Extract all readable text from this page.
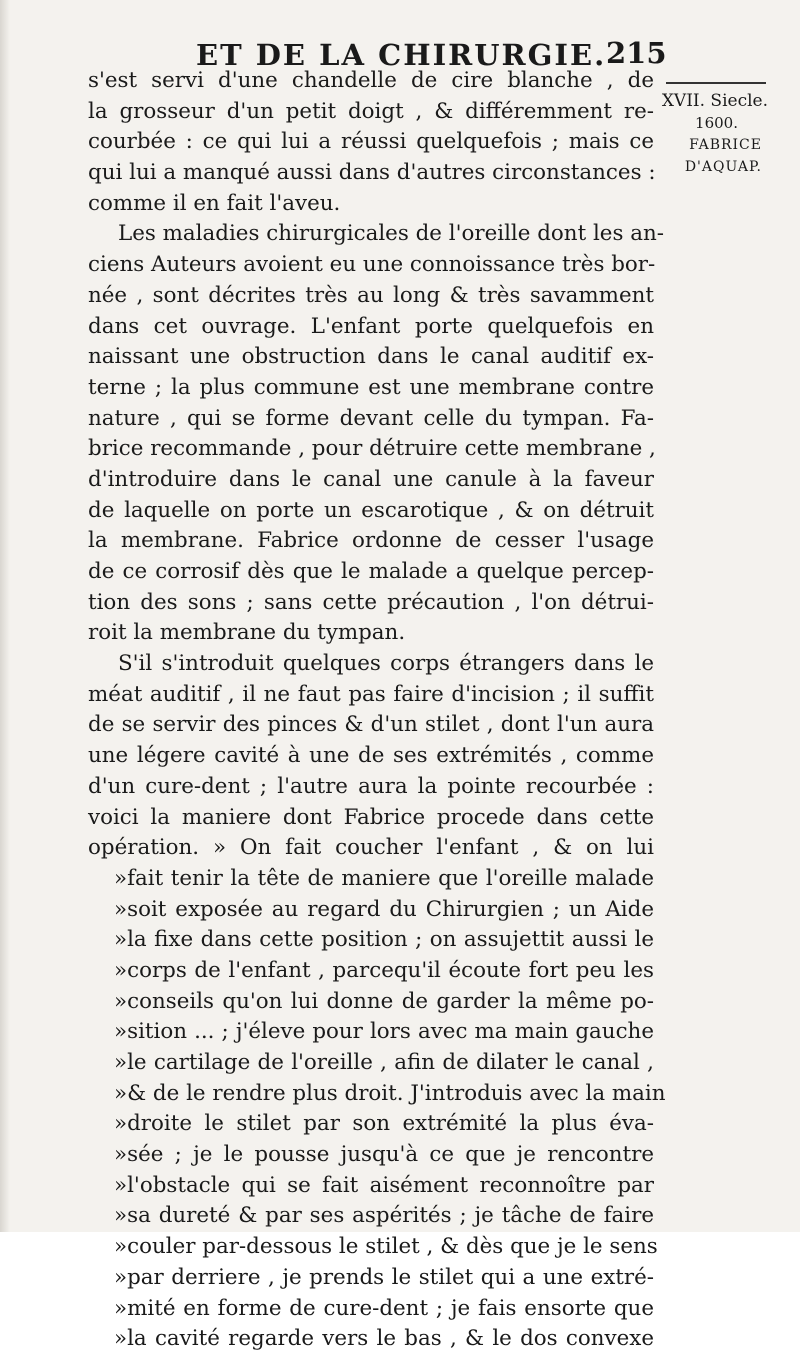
ET DE LA CHIRURGIE. 215
XVII. Siecle.
1600.
FABRICE
D'AQUAP.
s'est servi d'une chandelle de cire blanche , de
la grosseur d'un petit doigt , & différemment re-
courbée : ce qui lui a réussi quelquefois ; mais ce
qui lui a manqué aussi dans d'autres circonstances :
comme il en fait l'aveu.
Les maladies chirurgicales de l'oreille dont les an-
ciens Auteurs avoient eu une connoissance très bor-
née , sont décrites très au long & très savamment
dans cet ouvrage. L'enfant porte quelquefois en
naissant une obstruction dans le canal auditif ex-
terne ; la plus commune est une membrane contre
nature , qui se forme devant celle du tympan. Fa-
brice recommande , pour détruire cette membrane ,
d'introduire dans le canal une canule à la faveur
de laquelle on porte un escarotique , & on détruit
la membrane. Fabrice ordonne de cesser l'usage
de ce corrosif dès que le malade a quelque percep-
tion des sons ; sans cette précaution , l'on détrui-
roit la membrane du tympan.
S'il s'introduit quelques corps étrangers dans le
méat auditif , il ne faut pas faire d'incision ; il suffit
de se servir des pinces & d'un stilet , dont l'un aura
une légere cavité à une de ses extrémités , comme
d'un cure-dent ; l'autre aura la pointe recourbée :
voici la maniere dont Fabrice procede dans cette
opération. » On fait coucher l'enfant , & on lui
»fait tenir la tête de maniere que l'oreille malade
»soit exposée au regard du Chirurgien ; un Aide
»la fixe dans cette position ; on assujettit aussi le
»corps de l'enfant , parcequ'il écoute fort peu les
»conseils qu'on lui donne de garder la même po-
»sition ... ; j'éleve pour lors avec ma main gauche
»le cartilage de l'oreille , afin de dilater le canal ,
»& de le rendre plus droit. J'introduis avec la main
»droite le stilet par son extrémité la plus éva-
»sée ; je le pousse jusqu'à ce que je rencontre
»l'obstacle qui se fait aisément reconnoître par
»sa dureté & par ses aspérités ; je tâche de faire
»couler par-dessous le stilet , & dès que je le sens
»par derriere , je prends le stilet qui a une extré-
»mité en forme de cure-dent ; je fais ensorte que
»la cavité regarde vers le bas , & le dos convexe
